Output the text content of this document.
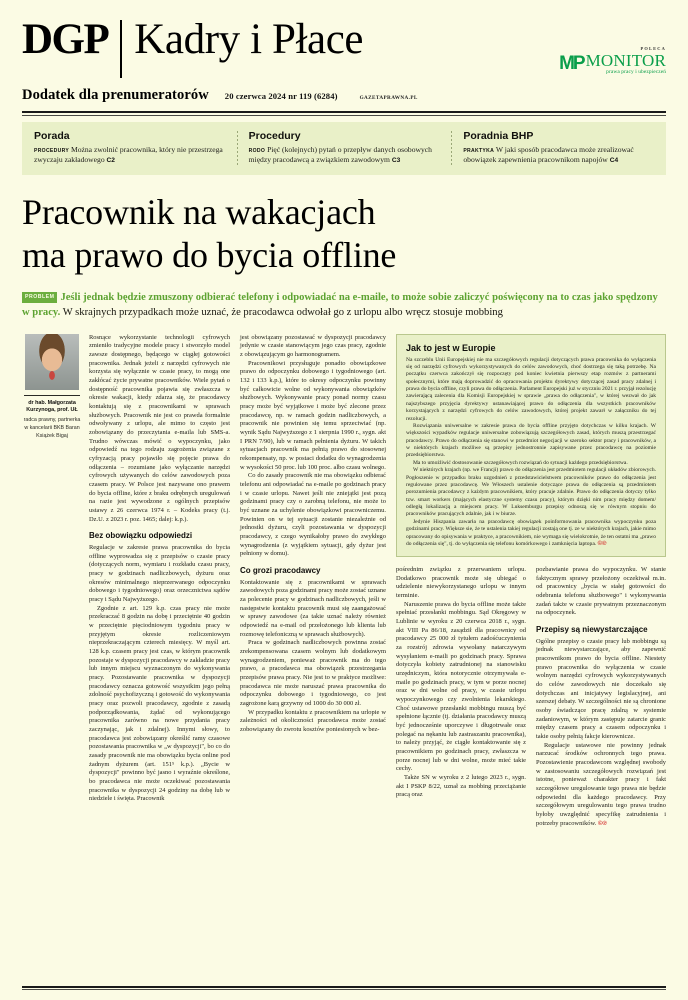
DGP Kadry i Płace
Dodatek dla prenumeratorów 20 czerwca 2024 nr 119 (6284)	GAZETAPRAWNA.PL
POLECA
MP MONITOR
prawa pracy i ubezpieczeń
Porada
PROCEDURY Można zwolnić pracownika, który nie przestrzega zwyczaju zakładowego C2
Procedury
RODO Pięć (kolejnych) pytań o przepływ danych osobowych między pracodawcą a związkiem zawodowym C3
Poradnia BHP
PRAKTYKA W jaki sposób pracodawca może zrealizować obowiązek zapewnienia pracownikom napojów C4
Pracownik na wakacjach
ma prawo do bycia offline
PROBLEM Jeśli jednak będzie zmuszony odbierać telefony i odpowiadać na e-maile, to może sobie zaliczyć poświęcony na to czas jako spędzony w pracy. W skrajnych przypadkach może uznać, że pracodawca odwołał go z urlopu albo wręcz stosuje mobbing
dr hab. Małgorzata Kurzynoga, prof. UŁ
radca prawny, partnerka w kancelarii BKB Baran Książek Bigaj

Rosnące wykorzystanie technologii cyfrowych zmieniło tradycyjne modele pracy i stworzyło model zawsze dostępnego, będącego w ciągłej gotowości pracownika. Jednak jeżeli z narzędzi cyfrowych nie korzysta się wyłącznie w czasie pracy, to mogą one zakłócać życie prywatne pracowników. Wiele pytań o dostępność pracownika pojawia się zwłaszcza w okresie wakacji, kiedy zdarza się, że pracodawcy kontaktują się z pracownikami w sprawach służbowych. Pracownik nie jest co prawda formalnie odwoływany z urlopu, ale mimo to często jest zobowiązany do przeczytania e-maila lub SMS-a. Trudno wówczas mówić o wypoczynku, jako odpowiedź na tego rodzaju zagrożenia związane z cyfryzacją pracy pojawiło się pojęcie prawa do odłączenia – rozumiane jako wyłączanie narzędzi cyfrowych używanych do celów zawodowych poza czasem pracy. W Polsce jest nazywane ono prawem do bycia offline, które z braku odrębnych uregulowań na razie jest wywodzone z ogólnych przepisów ustawy z 26 czerwca 1974 r. – Kodeks pracy (t.j. Dz.U. z 2023 r. poz. 1465; dalej: k.p.).

Bez obowiązku odpowiedzi

Regulacje w zakresie prawa pracownika do bycia offline wyprowadza się z przepisów o czasie pracy (dotyczących norm, wymiaru i rozkładu czasu pracy, pracy w godzinach nadliczbowych, dyżuru oraz okresów minimalnego nieprzerwanego odpoczynku dobowego i tygodniowego) oraz orzecznictwa sądów pracy i Sądu Najwyższego.

Zgodnie z art. 129 k.p. czas pracy nie może przekraczać 8 godzin na dobę i przeciętnie 40 godzin w przeciętnie pięciodniowym tygodniu pracy w przyjętym okresie rozliczeniowym nieprzekraczającym czterech miesięcy. W myśl art. 128 k.p. czasem pracy jest czas, w którym pracownik pozostaje w dyspozycji pracodawcy w zakładzie pracy lub innym miejscu wyznaczonym do wykonywania pracy. Pozostawanie pracownika w dyspozycji pracodawcy oznacza gotowość wszystkim jego pełną zdolność psychofizyczną i gotowość do wykonywania pracy oraz pozwoli pracodawcy, zgodnie z zasadą podporządkowania, żądać od wykonującego pracownika zarówno na nowe przydania pracy zaczynając, jak i zdalnej). Innymi słowy, to pracodawca jest zobowiązany określić ramy czasowe pozostawania pracownika w „w dyspozycji", bo co do zasady pracownik nie ma obowiązku bycia online pod żadnym dyżurem (art. 151⁵ k.p.). „Bycie w dyspozycji" powinno być jasno i wyraźnie określone, bo pracodawca nie może oczekiwać pozostawania pracownika w dyspozycji 24 godziny na dobę lub w niedziele i święta. Pracownik

jest obowiązany pozostawać w dyspozycji pracodawcy jedynie w czasie stanowiącym jego czas pracy, zgodnie z obowiązującym go harmonogramem.

Pracownikowi przysługuje ponadto obowiązkowe prawo do odpoczynku dobowego i tygodniowego (art. 132 i 133 k.p.), które to okresy odpoczynku powinny być całkowicie wolne od wykonywania obowiązków służbowych. Wykonywanie pracy ponad normy czasu pracy może być wyjątkowe i może być zlecone przez pracodawcę, np. w ramach godzin nadliczbowych, a pracownik nie powinien się temu sprzeciwiać (np. wynik Sądu Najwyższego z 1 sierpnia 1990 r., sygn. akt I PRN 7/90), lub w ramach pełnienia dyżuru. W takich sytuacjach pracownik ma pełnią prawo do stosownej rekompensaty, np. w postaci dodatku do wynagrodzenia w wysokości 50 proc. lub 100 proc. albo czasu wolnego.

Co do zasady pracownik nie ma obowiązku odbierać telefonu ani odpowiadać na e-maile po godzinach pracy i w czasie urlopu. Nawet jeśli nie zniejątki jest pozą godzinami pracy czy o zarobną telefonu, nie może to być uznane za uchylenie obowiązkowi pracowniczemu. Powinien on w tej sytuacji zostanie niezależnie od jednostki dyżuru, czyli pozostawania w dyspozycji pracodawcy, z czego wynikałoby prawo do zwykłego wynagrodzenia (z wyjątkiem sytuacji, gdy dyżur jest pełniony w domu).

Co grozi pracodawcy

Kontaktowanie się z pracownikami w sprawach zawodowych poza godzinami pracy może zostać uznane za polecenie pracy w godzinach nadliczbowych, jeśli w następstwie kontaktu pracownik musi się zaangażować w sprawy zawodowe (za takie uznać należy również odpowiedź na e-mail od przełożonego lub klienta lub rozmowę telefoniczną w sprawach służbowych).

Praca w godzinach nadliczbowych powinna zostać zrekompensowana czasem wolnym lub dodatkowym wynagrodzeniem, ponieważ pracownik ma do tego prawo, a pracodawca ma obowiązek przestrzegania przepisów prawa pracy. Nie jest to w praktyce możliwe: pracodawca nie może naruszać prawa pracownika do odpoczynku dobowego i tygodniowego, co jest zagrożone karą grzywny od 1000 do 30 000 zł.

W przypadku kontaktu z pracownikiem na urlopie w zależności od okoliczności pracodawca może zostać zobowiązany do zwrotu kosztów poniesionych w bez-

Jak to jest w Europie

Na szczeblu Unii Europejskiej nie ma szczegółowych regulacji dotyczących prawa pracownika do wyłączenia się od narzędzi cyfrowych wykorzystywanych do celów zawodowych, choć dostrzega się taką potrzebę. Na początku czerwca zakończył się rozpoczęty pod koniec kwietnia pierwszy etap rozmów z partnerami społecznymi, które mają doprowadzić do opracowania projektu dyrektywy dotyczącej zasad pracy zdalnej i prawa do bycia offline, czyli prawa do odłączenia. Parlament Europejski już w styczniu 2021 r. przyjął rezolucję zawierającą zalecenia dla Komisji Europejskiej w sprawie „prawa do odłączenia", w której wezwał do jak najszybszego przyjęcia dyrektywy ustanawiającej prawo do odłączenia dla wszystkich pracowników korzystających z narzędzi cyfrowych do celów zawodowych, której projekt zawarł w załączniku do tej rezolucji.

Rozwiązania uniwersalne w zakresie prawa do bycia offline przyjęto dotychczas w kilku krajach. W większości wypadków regulacje uniwersalne zobowiązują szczegółowych zasad, których muszą przestrzegać pracodawcy. Prawo do odłączenia się stanowi w przedmiot negocjacji w szeroko sektor pracy i pracowników, a w niektórych krajach możliwe są przepisy jednostronnie zapisywane przez pracodawcę na poziomie przedsiębiorstwa.

Ma to umożliwić dostosowanie szczegółowych rozwiązań do sytuacji każdego przedsiębiorstwa.

W niektórych krajach (np. we Francji) prawo do odłączenia jest przedmiotem regulacji układów zbiorowych. Pogłoszenie w przypadku braku uzgodnień z przedstawicielstwem pracowników prawo do odłączenia jest regulowane przez pracodawcę. We Włoszech ustalenie dotyczące prawa do odłączenia są przedmiotem porozumienia pracodawcy z każdym pracownikiem, który pracuje zdalnie. Prawo do odłączenia dotyczy tylko tzw. smart workers (mających elastyczne systemy czasu pracy), którym dzięki nim pracy między domem/ odległą lokalizacją a miejscem pracy. W Luksemburgu przepisy odnoszą się w równym stopniu do pracowników pracujących zdalnie, jak i w biurze.

Jedynie Hiszpania zawarła na pracodawcę obowiązek poinformowania pracownika wypoczynku poza godzinami pracy. Większe sie, że te ustalenia takiej regulacji zostają one tj. ze w niektórych krajach, jakie mimo opracowany do opisywania w praktyce, a pracownikiem, nie wymaga się wielokrotnie, że ten ostatni ma „prawo do odłączenia się", tj. do wyłączenia się telefonu komórkowego i zamknięcia laptopa. ©℗

pośrednim związku z przerwaniem urlopu. Dodatkowo pracownik może się ubiegać o udzielenie niewykorzystanego urlopu w innym terminie.

Naruszenie prawa do bycia offline może także spełniać przesłanki mobbingu. Sąd Okręgowy w Lublinie w wyroku z 20 czerwca 2018 r., sygn. akt VIII Pa 86/18, zasądził dla pracownicy od pracodawcy 25 000 zł tytułem zadośćuczynienia za rozstrój zdrowia wywołany natarczywym wysyłaniem e-maili po godzinach pracy. Sprawa dotyczyła kobiety zatrudnionej na stanowisku urzędniczym, która notorycznie otrzymywała e-maile po godzinach pracy, w tym w porze nocnej oraz w dni wolne od pracy, w czasie urlopu wypoczynkowego czy zwolnienia lekarskiego. Choć ustawowe przesłanki mobbingu muszą być spełnione łącznie (tj. działania pracodawcy muszą być jednocześnie uporczywe i długotrwałe oraz polegać na nękaniu lub zastraszaniu pracownika), to należy przyjąć, że ciągłe kontaktowanie się z pracownikiem po godzinach pracy, zwłaszcza w porze nocnej lub w dni wolne, może mieć takie cechy.

Także SN w wyroku z 2 lutego 2023 r., sygn. akt I PSKP 8/22, uznał za mobbing przeciążanie pracą oraz

pozbawianie prawa do wypoczynku. W stanie faktycznym sprawy przełożony oczekiwał m.in. od pracownicy „bycia w stałej gotowości do odebrania telefonu służbowego" i wykonywania zadań także w czasie prywatnym przeznaczonym na odpoczynek.

Przepisy są niewystarczające

Ogólne przepisy o czasie pracy lub mobbingu są jednak niewystarczające, aby zapewnić pracownikom prawo do bycia offline. Niestety prawo pracownika do wyłączenia w czasie wolnym narzędzi cyfrowych wykorzystywanych do celów zawodowych nie doczekało się dotychczas ani inicjatywy legislacyjnej, ani szerszej debaty. W szczególności nie są chronione osoby świadczące pracę zdalną w systemie zadaniowym, w którym zastępuje zatarcie granic między czasem pracy a czasem odpoczynku i takie osoby pełnią fakcje kierownicze.

Regulacje ustawowe nie powinny jednak narzucać środków ochronnych tego prawa. Pozostawienie pracodawcom względnej swobody w zastosowaniu szczegółowych rozwiązań jest istotne, ponieważ charakter pracy i fakt szczegółowe uregulowanie tego prawa nie będzie odpowiedni dla każdego pracodawcy. Przy szczegółowym uregulowaniu tego prawa trudno byłoby uwzględnić specyfikę zatrudnienia i potrzeby pracowników. ©℗
